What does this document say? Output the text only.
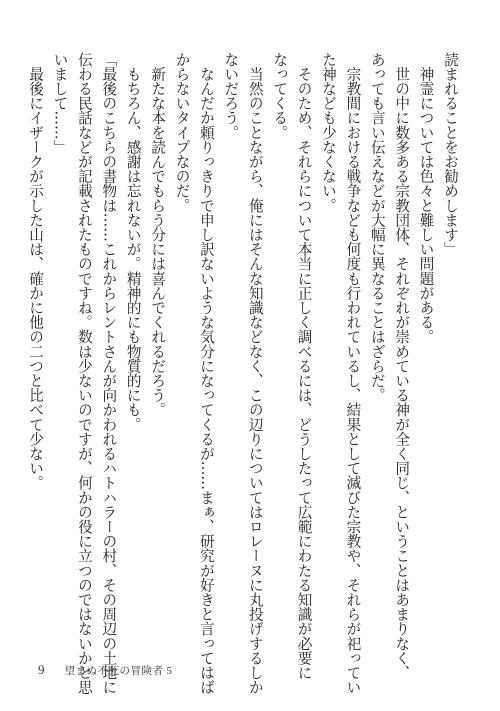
読まれることをお勧めします」

　神霊については色々と難しい問題がある。

　世の中に数多ある宗教団体、それぞれが崇めている神が全く同じ、ということはあまりなく、

あっても言い伝えなどが大幅に異なることはざらだ。

　宗教間における戦争なども何度も行われているし、結果として滅びた宗教や、それらが祀ってい

た神なども少なくない。

　そのため、それらについて本当に正しく調べるには、どうしたって広範にわたる知識が必要に

なってくる。

　当然のことながら、俺にはそんな知識などなく、この辺りについてはロレーヌに丸投げするしか

ないだろう。

　なんだか頼りっきりで申し訳ないような気分になってくるが……まぁ、研究が好きと言ってはば

からないタイプなのだ。

　新たな本を読んでもらう分には喜んでくれるだろう。

　もちろん、感謝は忘れないが。精神的にも物質的にも。

「最後のこちらの書物は……これからレントさんが向かわれるハトハラーの村、その周辺の土地に

伝わる民話などが記載されたものですね。数は少ないのですが、何かの役に立つのではないかと思

いまして……」

　最後にイザークが示した山は、確かに他の二つと比べて少ない。

9 望まぬ不死の冒険者 5
